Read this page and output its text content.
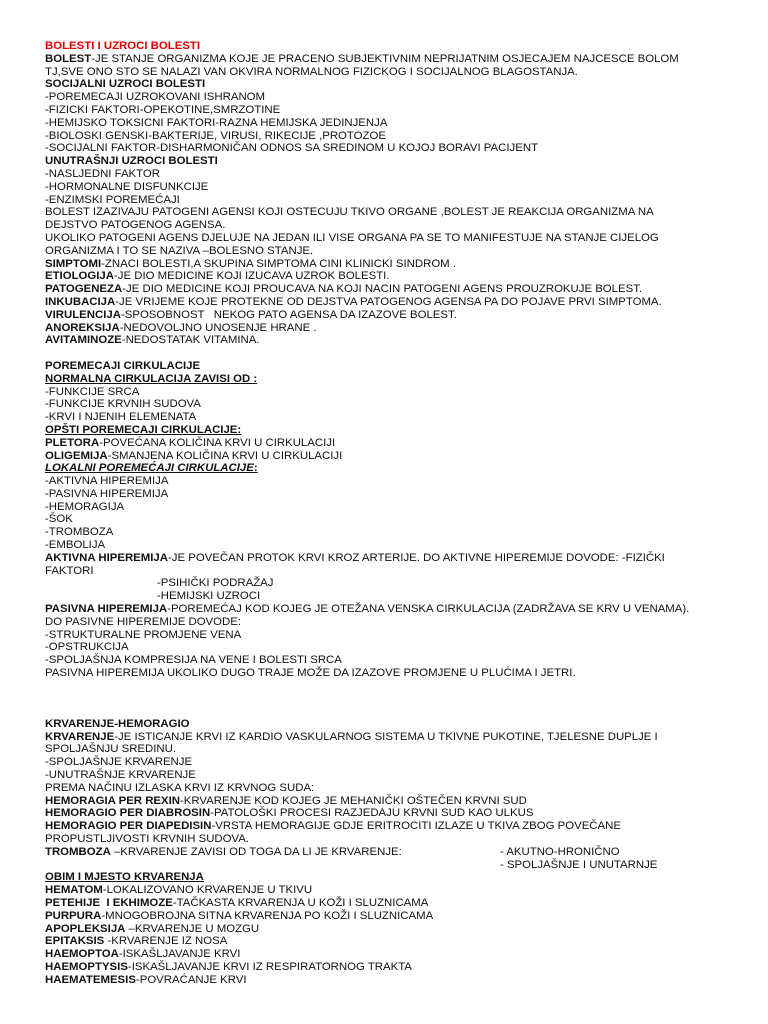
BOLESTI I UZROCI BOLESTI
BOLEST-JE STANJE ORGANIZMA KOJE JE PRACENO SUBJEKTIVNIM NEPRIJATNIM OSJECAJEM NAJCESCE BOLOM
TJ,SVE ONO STO SE NALAZI VAN OKVIRA NORMALNOG FIZICKOG I SOCIJALNOG BLAGOSTANJA.
SOCIJALNI UZROCI BOLESTI
-POREMECAJI UZROKOVANI ISHRANOM
-FIZICKI FAKTORI-OPEKOTINE,SMRZOTINE
-HEMIJSKO TOKSICNI FAKTORI-RAZNA HEMIJSKA JEDINJENJA
-BIOLOSKI GENSKI-BAKTERIJE, VIRUSI, RIKECIJE ,PROTOZOE
-SOCIJALNI FAKTOR-DISHARMONIČAN ODNOS SA SREDINOM U KOJOJ BORAVI PACIJENT
UNUTRAŠNJI UZROCI BOLESTI
-NASLJEDNI FAKTOR
-HORMONALNE DISFUNKCIJE
-ENZIMSKI POREMEĆAJI
BOLEST IZAZIVAJU PATOGENI AGENSI KOJI OSTECUJU TKIVO ORGANE ,BOLEST JE REAKCIJA ORGANIZMA NA
DEJSTVO PATOGENOG AGENSA.
UKOLIKO PATOGENI AGENS DJELUJE NA JEDAN ILI VISE ORGANA PA SE TO MANIFESTUJE NA STANJE CIJELOG
ORGANIZMA I TO SE NAZIVA –BOLESNO STANJE.
SIMPTOMI-ZNACI BOLESTI,A SKUPINA SIMPTOMA CINI KLINICKI SINDROM .
ETIOLOGIJA-JE DIO MEDICINE KOJI IZUCAVA UZROK BOLESTI.
PATOGENEZA-JE DIO MEDICINE KOJI PROUCAVA NA KOJI NACIN PATOGENI AGENS PROUZROKUJE BOLEST.
INKUBACIJA-JE VRIJEME KOJE PROTEKNE OD DEJSTVA PATOGENOG AGENSA PA DO POJAVE PRVI SIMPTOMA.
VIRULENCIJA-SPOSOBNOST   NEKOG PATO AGENSA DA IZAZOVE BOLEST.
ANOREKSIJA-NEDOVOLJNO UNOSENJE HRANE .
AVITAMINOZE-NEDOSTATAK VITAMINA.
POREMECAJI CIRKULACIJE
NORMALNA CIRKULACIJA ZAVISI OD :
-FUNKCIJE SRCA
-FUNKCIJE KRVNIH SUDOVA
-KRVI I NJENIH ELEMENATA
OPŠTI POREMECAJI CIRKULACIJE:
PLETORA-POVEĆANA KOLIČINA KRVI U CIRKULACIJI
OLIGEMIJA-SMANJENA KOLIČINA KRVI U CIRKULACIJI
LOKALNI POREMEĆAJI CIRKULACIJE:
-AKTIVNA HIPEREMIJA
-PASIVNA HIPEREMIJA
-HEMORAGIJA
-ŠOK
-TROMBOZA
-EMBOLIJA
AKTIVNA HIPEREMIJA-JE POVEČAN PROTOK KRVI KROZ ARTERIJE. DO AKTIVNE HIPEREMIJE DOVODE: -FIZIČKI
FAKTORI
-PSIHIČKI PODRAŽAJ
-HEMIJSKI UZROCI
PASIVNA HIPEREMIJA-POREMEĆAJ KOD KOJEG JE OTEŽANA VENSKA CIRKULACIJA (ZADRŽAVA SE KRV U VENAMA).
DO PASIVNE HIPEREMIJE DOVODE:
-STRUKTURALNE PROMJENE VENA
-OPSTRUKCIJA
-SPOLJAŠNJA KOMPRESIJA NA VENE I BOLESTI SRCA
PASIVNA HIPEREMIJA UKOLIKO DUGO TRAJE MOŽE DA IZAZOVE PROMJENE U PLUĆIMA I JETRI.
KRVARENJE-HEMORAGIO
KRVARENJE-JE ISTICANJE KRVI IZ KARDIO VASKULARNOG SISTEMA U TKIVNE PUKOTINE, TJELESNE DUPLJE I
SPOLJAŠNJU SREDINU.
-SPOLJAŠNJE KRVARENJE
-UNUTRAŠNJE KRVARENJE
PREMA NAČINU IZLASKA KRVI IZ KRVNOG SUDA:
HEMORAGIA PER REXIN-KRVARENJE KOD KOJEG JE MEHANIČKI OŠTEČEN KRVNI SUD
HEMORAGIO PER DIABROSIN-PATOLOŠKI PROCESI RAZJEDAJU KRVNI SUD KAO ULKUS
HEMORAGIO PER DIAPEDISIN-VRSTA HEMORAGIJE GDJE ERITROCITI IZLAZE U TKIVA ZBOG POVEČANE
PROPUSTLJIVOSTI KRVNIH SUDOVA.
TROMBOZA –KRVARENJE ZAVISI OD TOGA DA LI JE KRVARENJE:	- AKUTNO-HRONIČNO
- SPOLJAŠNJE I UNUTARNJE
OBIM I MJESTO KRVARENJA
HEMATOM-LOKALIZOVANO KRVARENJE U TKIVU
PETEHIJE  I EKHIMOZE-TAČKASTA KRVARENJA U KOŽI I SLUZNICAMA
PURPURA-MNOGOBROJNA SITNA KRVARENJA PO KOŽI I SLUZNICAMA
APOPLEKSIJA –KRVARENJE U MOZGU
EPITAKSIS -KRVARENJE IZ NOSA
HAEMOPTOA-ISKAŠLJAVANJE KRVI
HAEMOPTYSIS-ISKAŠLJAVANJE KRVI IZ RESPIRATORNOG TRAKTA
HAEMATEMESIS-POVRAĆANJE KRVI
